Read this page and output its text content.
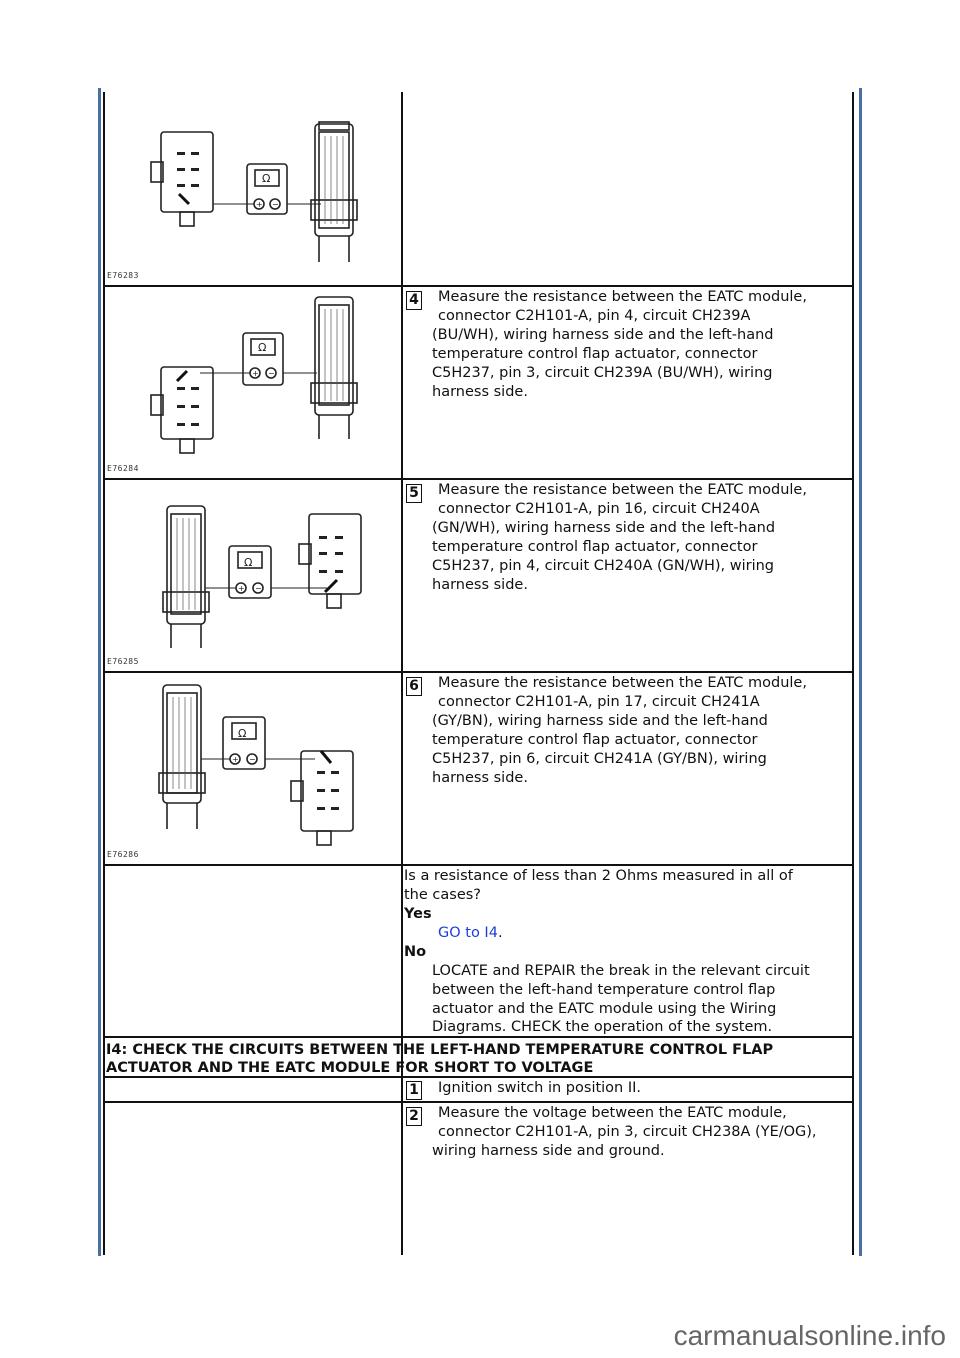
carmanualsonline.info
Ω
+ −
E76283
Ω
+ −
E76284
Ω
+ −
E76285
Ω
+ −
E76286
4 Measure the resistance between the EATC module,
connector C2H101-A, pin 4, circuit CH239A
(BU/WH), wiring harness side and the left-hand
temperature control flap actuator, connector
C5H237, pin 3, circuit CH239A (BU/WH), wiring
harness side.
5 Measure the resistance between the EATC module,
connector C2H101-A, pin 16, circuit CH240A
(GN/WH), wiring harness side and the left-hand
temperature control flap actuator, connector
C5H237, pin 4, circuit CH240A (GN/WH), wiring
harness side.
6 Measure the resistance between the EATC module,
connector C2H101-A, pin 17, circuit CH241A
(GY/BN), wiring harness side and the left-hand
temperature control flap actuator, connector
C5H237, pin 6, circuit CH241A (GY/BN), wiring
harness side.
Is a resistance of less than 2 Ohms measured in all of
the cases?
Yes
GO to I4.
No
LOCATE and REPAIR the break in the relevant circuit
between the left-hand temperature control flap
actuator and the EATC module using the Wiring
Diagrams. CHECK the operation of the system.
I4: CHECK THE CIRCUITS BETWEEN THE LEFT-HAND TEMPERATURE CONTROL FLAP
ACTUATOR AND THE EATC MODULE FOR SHORT TO VOLTAGE
1 Ignition switch in position II.
2 Measure the voltage between the EATC module,
connector C2H101-A, pin 3, circuit CH238A (YE/OG),
wiring harness side and ground.
